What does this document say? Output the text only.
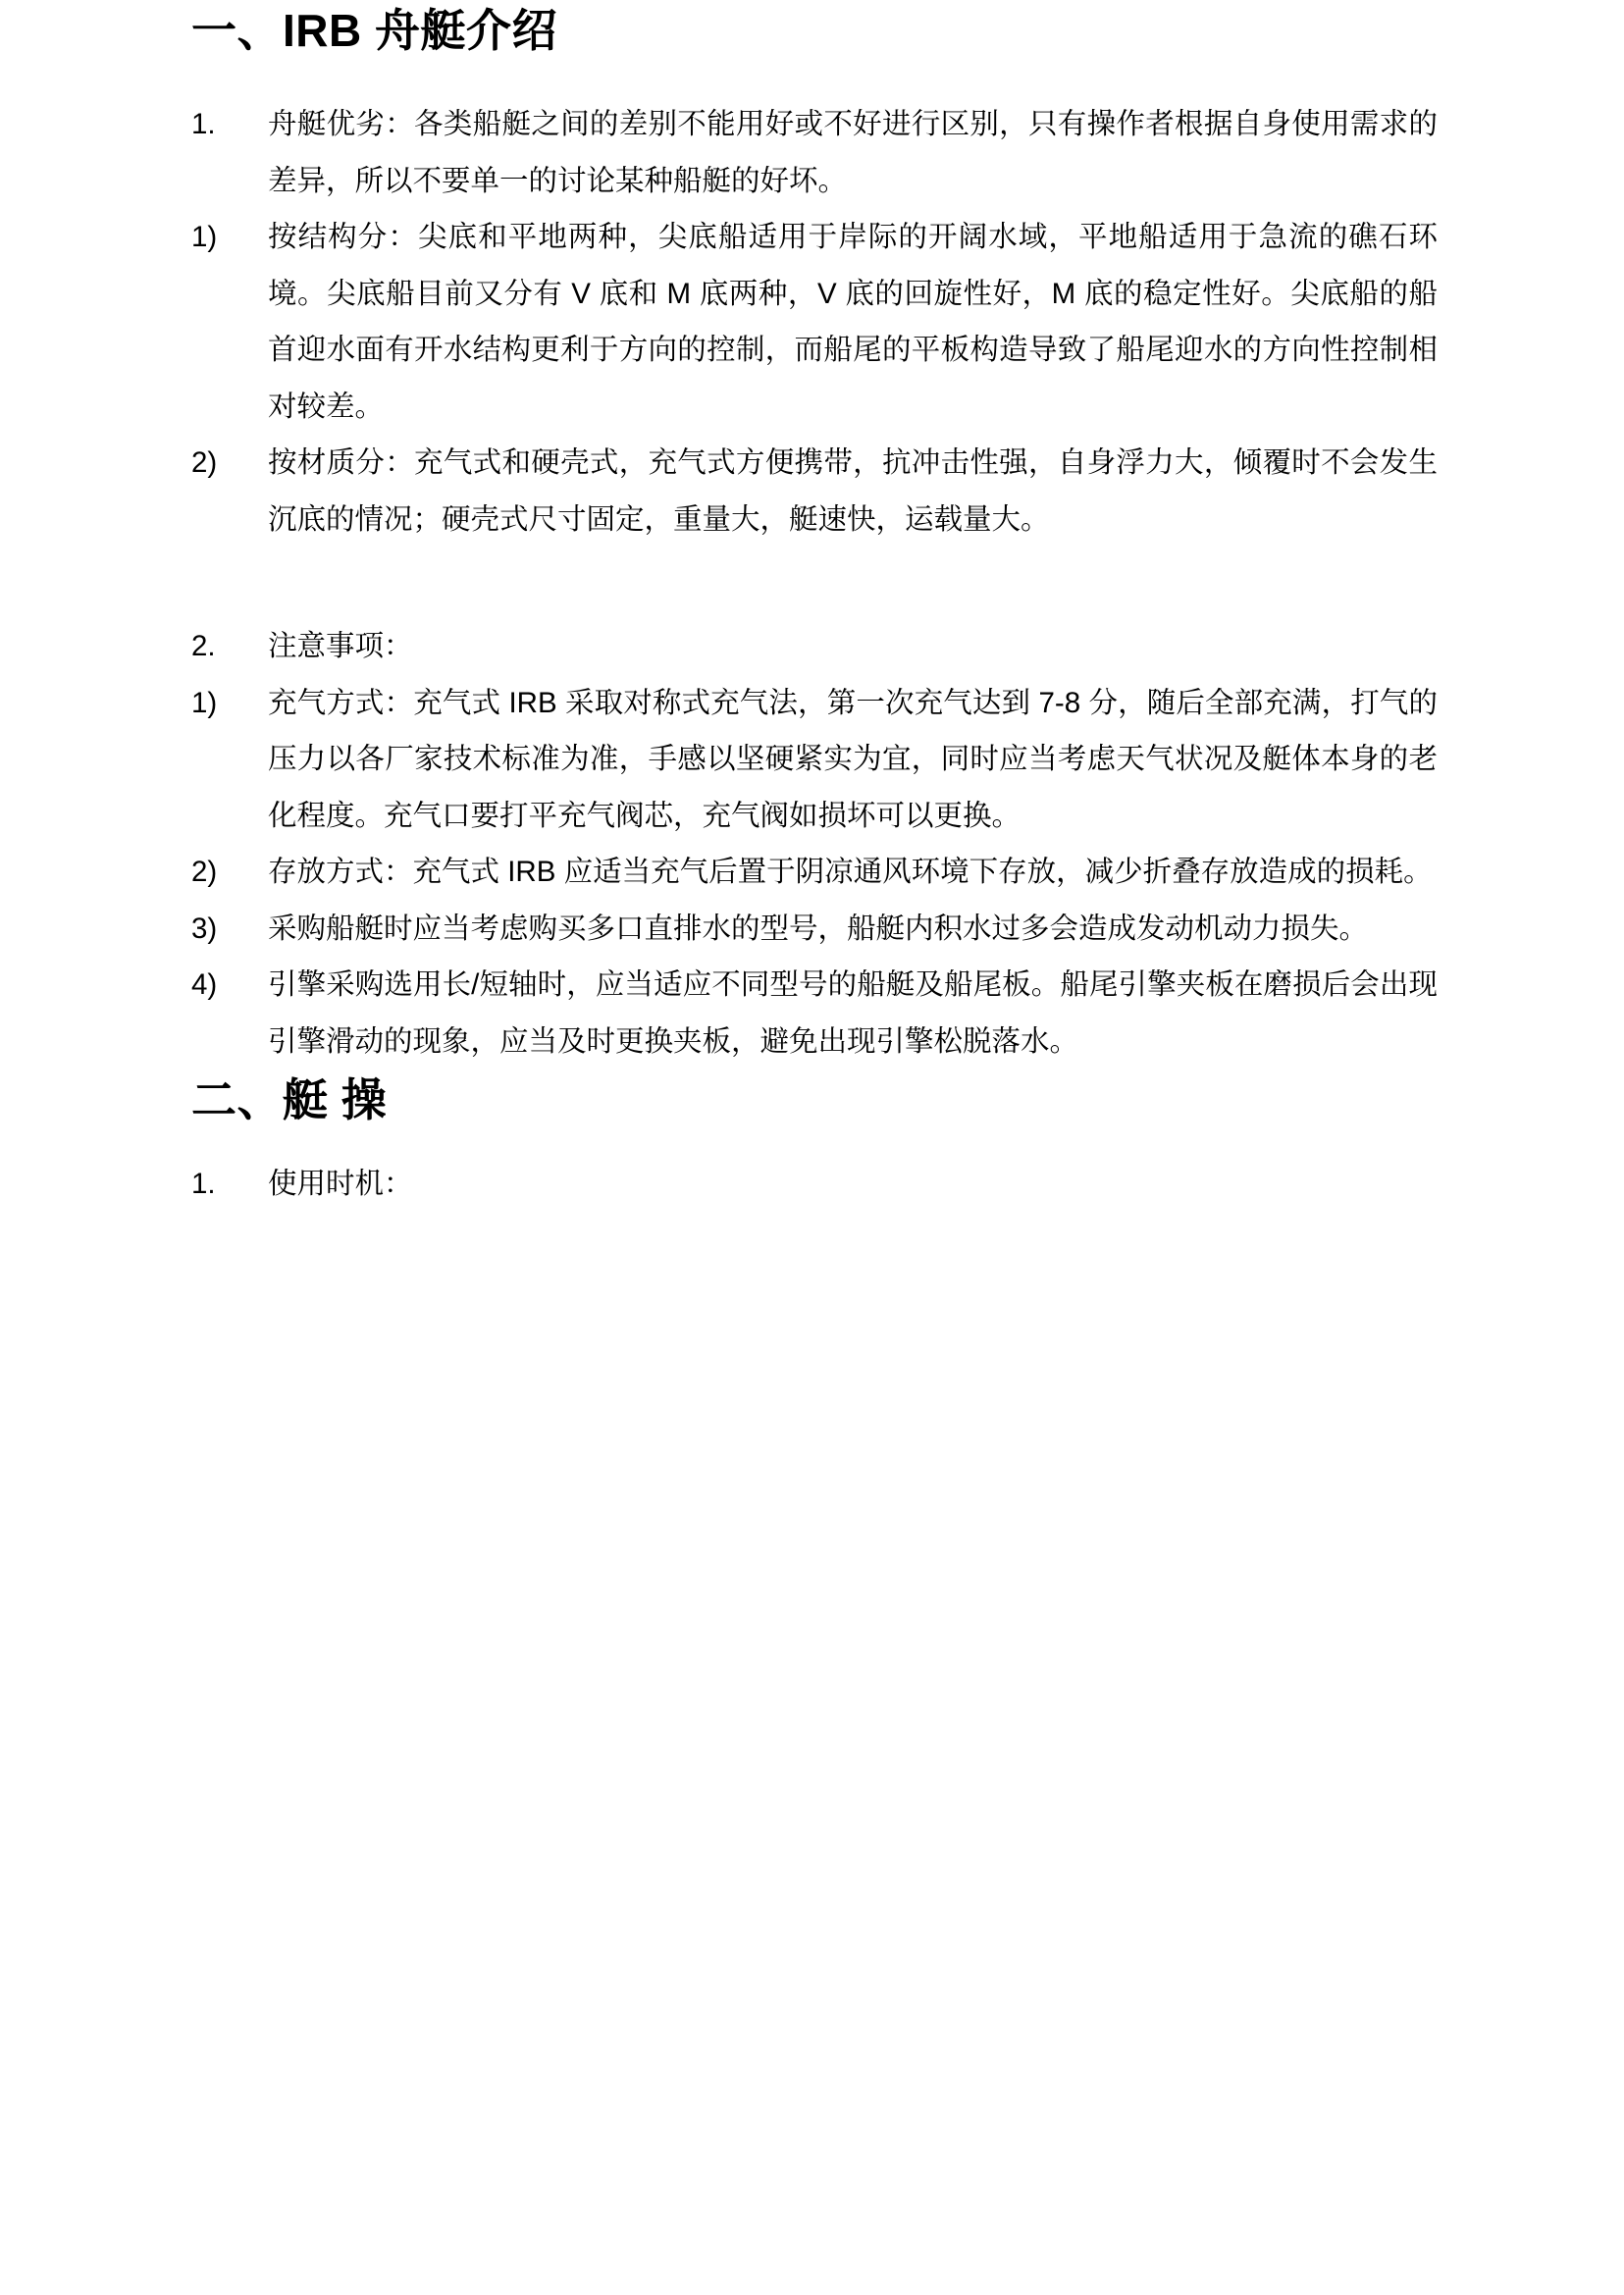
一、IRB 舟艇介绍
1.	舟艇优劣：各类船艇之间的差别不能用好或不好进行区别，只有操作者根据自身使用需求的差异，所以不要单一的讨论某种船艇的好坏。
1)	按结构分：尖底和平地两种，尖底船适用于岸际的开阔水域，平地船适用于急流的礁石环境。尖底船目前又分有 V 底和 M 底两种，V 底的回旋性好，M 底的稳定性好。尖底船的船首迎水面有开水结构更利于方向的控制，而船尾的平板构造导致了船尾迎水的方向性控制相对较差。
2)	按材质分：充气式和硬壳式，充气式方便携带，抗冲击性强，自身浮力大，倾覆时不会发生沉底的情况；硬壳式尺寸固定，重量大，艇速快，运载量大。
2.	注意事项：
1)	充气方式：充气式 IRB 采取对称式充气法，第一次充气达到 7-8 分，随后全部充满，打气的压力以各厂家技术标准为准，手感以坚硬紧实为宜，同时应当考虑天气状况及艇体本身的老化程度。充气口要打平充气阀芯，充气阀如损坏可以更换。
2)	存放方式：充气式 IRB 应适当充气后置于阴凉通风环境下存放，减少折叠存放造成的损耗。
3)	采购船艇时应当考虑购买多口直排水的型号，船艇内积水过多会造成发动机动力损失。
4)	引擎采购选用长/短轴时，应当适应不同型号的船艇及船尾板。船尾引擎夹板在磨损后会出现引擎滑动的现象，应当及时更换夹板，避免出现引擎松脱落水。
二、艇 操
1.	使用时机：
